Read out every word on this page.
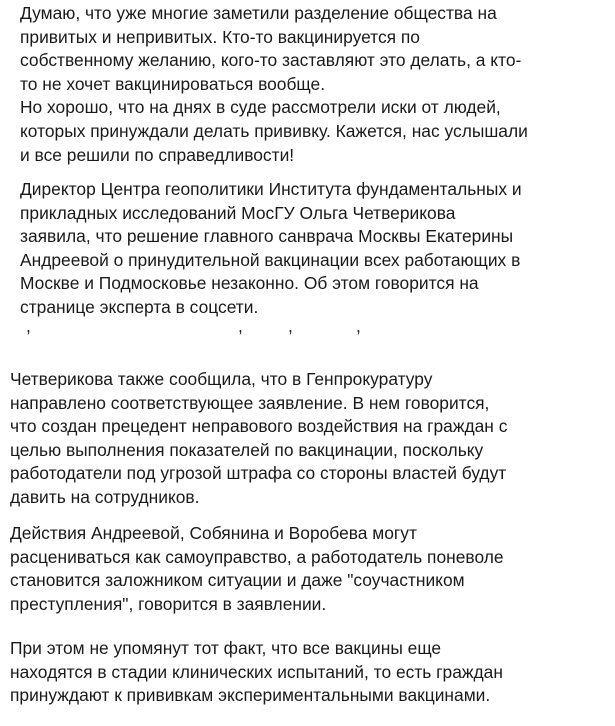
Думаю, что уже многие заметили разделение общества на

привитых и непривитых. Кто-то вакцинируется по

собственному желанию, кого-то заставляют это делать, а кто-

то не хочет вакцинироваться вообще.

Но хорошо, что на днях в суде рассмотрели иски от людей,

которых принуждали делать прививку. Кажется, нас услышали

и все решили по справедливости!

Директор Центра геополитики Института фундаментальных и

прикладных исследований МосГУ Ольга Четверикова

заявила, что решение главного санврача Москвы Екатерины

Андреевой о принудительной вакцинации всех работающих в

Москве и Подмосковье незаконно. Об этом говорится на

странице эксперта в соцсети.

,	,	,	,

Четверикова также сообщила, что в Генпрокуратуру

направлено соответствующее заявление. В нем говорится,

что создан прецедент неправового воздействия на граждан с

целью выполнения показателей по вакцинации, поскольку

работодатели под угрозой штрафа со стороны властей будут

давить на сотрудников.

Действия Андреевой, Собянина и Воробева могут

расцениваться как самоуправство, а работодатель поневоле

становится заложником ситуации и даже "соучастником

преступления", говорится в заявлении.

При этом не упомянут тот факт, что все вакцины еще

находятся в стадии клинических испытаний, то есть граждан

принуждают к прививкам экспериментальными вакцинами.
